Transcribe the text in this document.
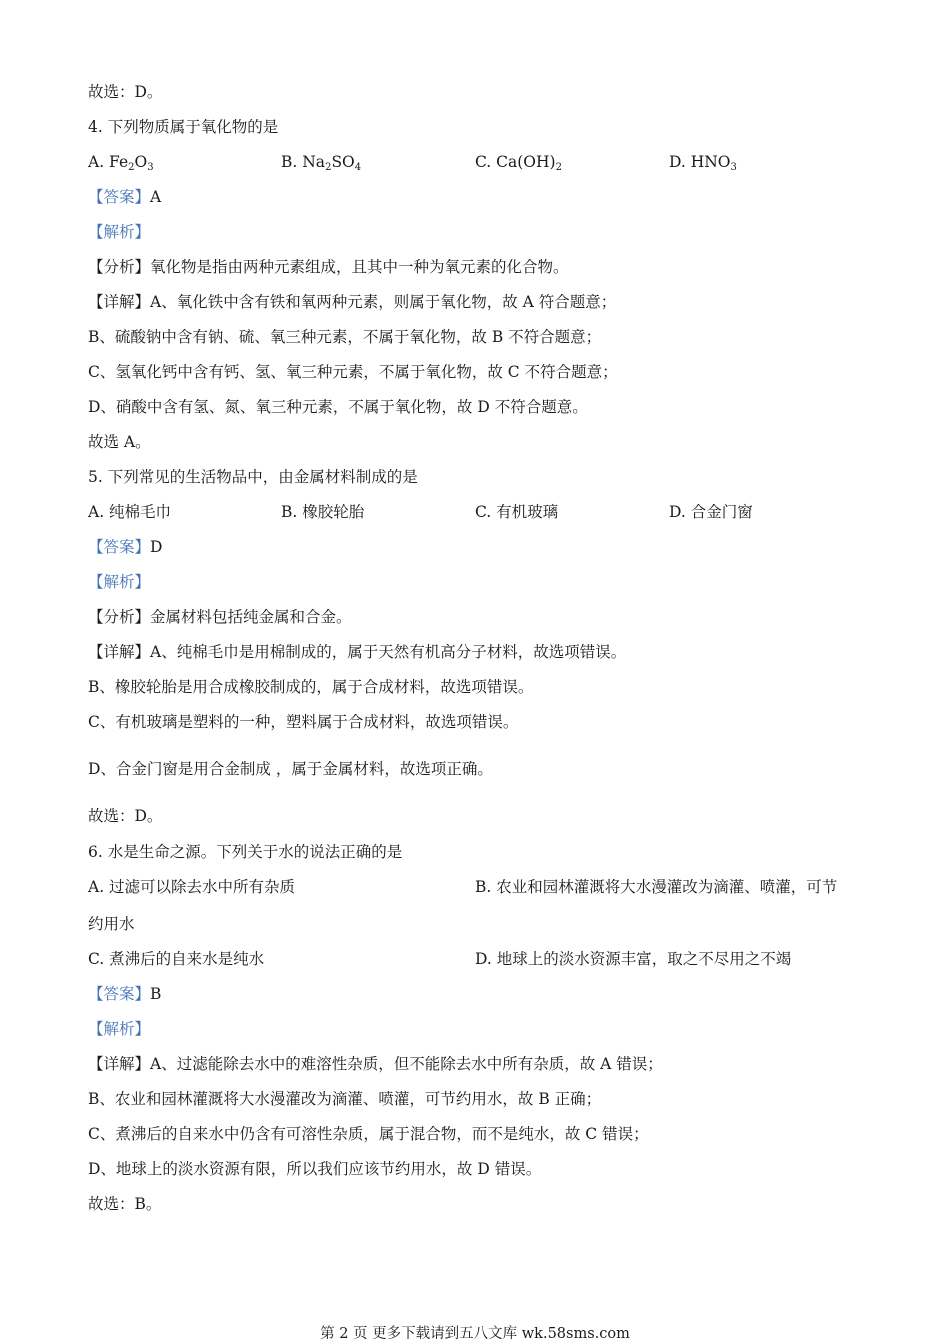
故选：D。
4. 下列物质属于氧化物的是
A. $Fe_2O_3$	B. $Na_2SO_4$	C. $Ca(OH)_2$	D. $HNO_3$
【答案】A
【解析】
【分析】氧化物是指由两种元素组成，且其中一种为氧元素的化合物。
【详解】A、氧化铁中含有铁和氧两种元素，则属于氧化物，故 A 符合题意；
B、硫酸钠中含有钠、硫、氧三种元素，不属于氧化物，故 B 不符合题意；
C、氢氧化钙中含有钙、氢、氧三种元素，不属于氧化物，故 C 不符合题意；
D、硝酸中含有氢、氮、氧三种元素，不属于氧化物，故 D 不符合题意。
故选 A。
5. 下列常见的生活物品中，由金属材料制成的是
A. 纯棉毛巾	B. 橡胶轮胎	C. 有机玻璃	D. 合金门窗
【答案】D
【解析】
【分析】金属材料包括纯金属和合金。
【详解】A、纯棉毛巾是用棉制成的，属于天然有机高分子材料，故选项错误。
B、橡胶轮胎是用合成橡胶制成的，属于合成材料，故选项错误。
C、有机玻璃是塑料的一种，塑料属于合成材料，故选项错误。
D、合金门窗是用合金制成 ，属于金属材料，故选项正确。
故选：D。
6. 水是生命之源。下列关于水的说法正确的是
A. 过滤可以除去水中所有杂质	B. 农业和园林灌溉将大水漫灌改为滴灌、喷灌，可节
约用水
C. 煮沸后的自来水是纯水	D. 地球上的淡水资源丰富，取之不尽用之不竭
【答案】B
【解析】
【详解】A、过滤能除去水中的难溶性杂质，但不能除去水中所有杂质，故 A 错误；
B、农业和园林灌溉将大水漫灌改为滴灌、喷灌，可节约用水，故 B 正确；
C、煮沸后的自来水中仍含有可溶性杂质，属于混合物，而不是纯水，故 C 错误；
D、地球上的淡水资源有限，所以我们应该节约用水，故 D 错误。
故选：B。
第 2 页 更多下载请到五八文库 wk.58sms.com
